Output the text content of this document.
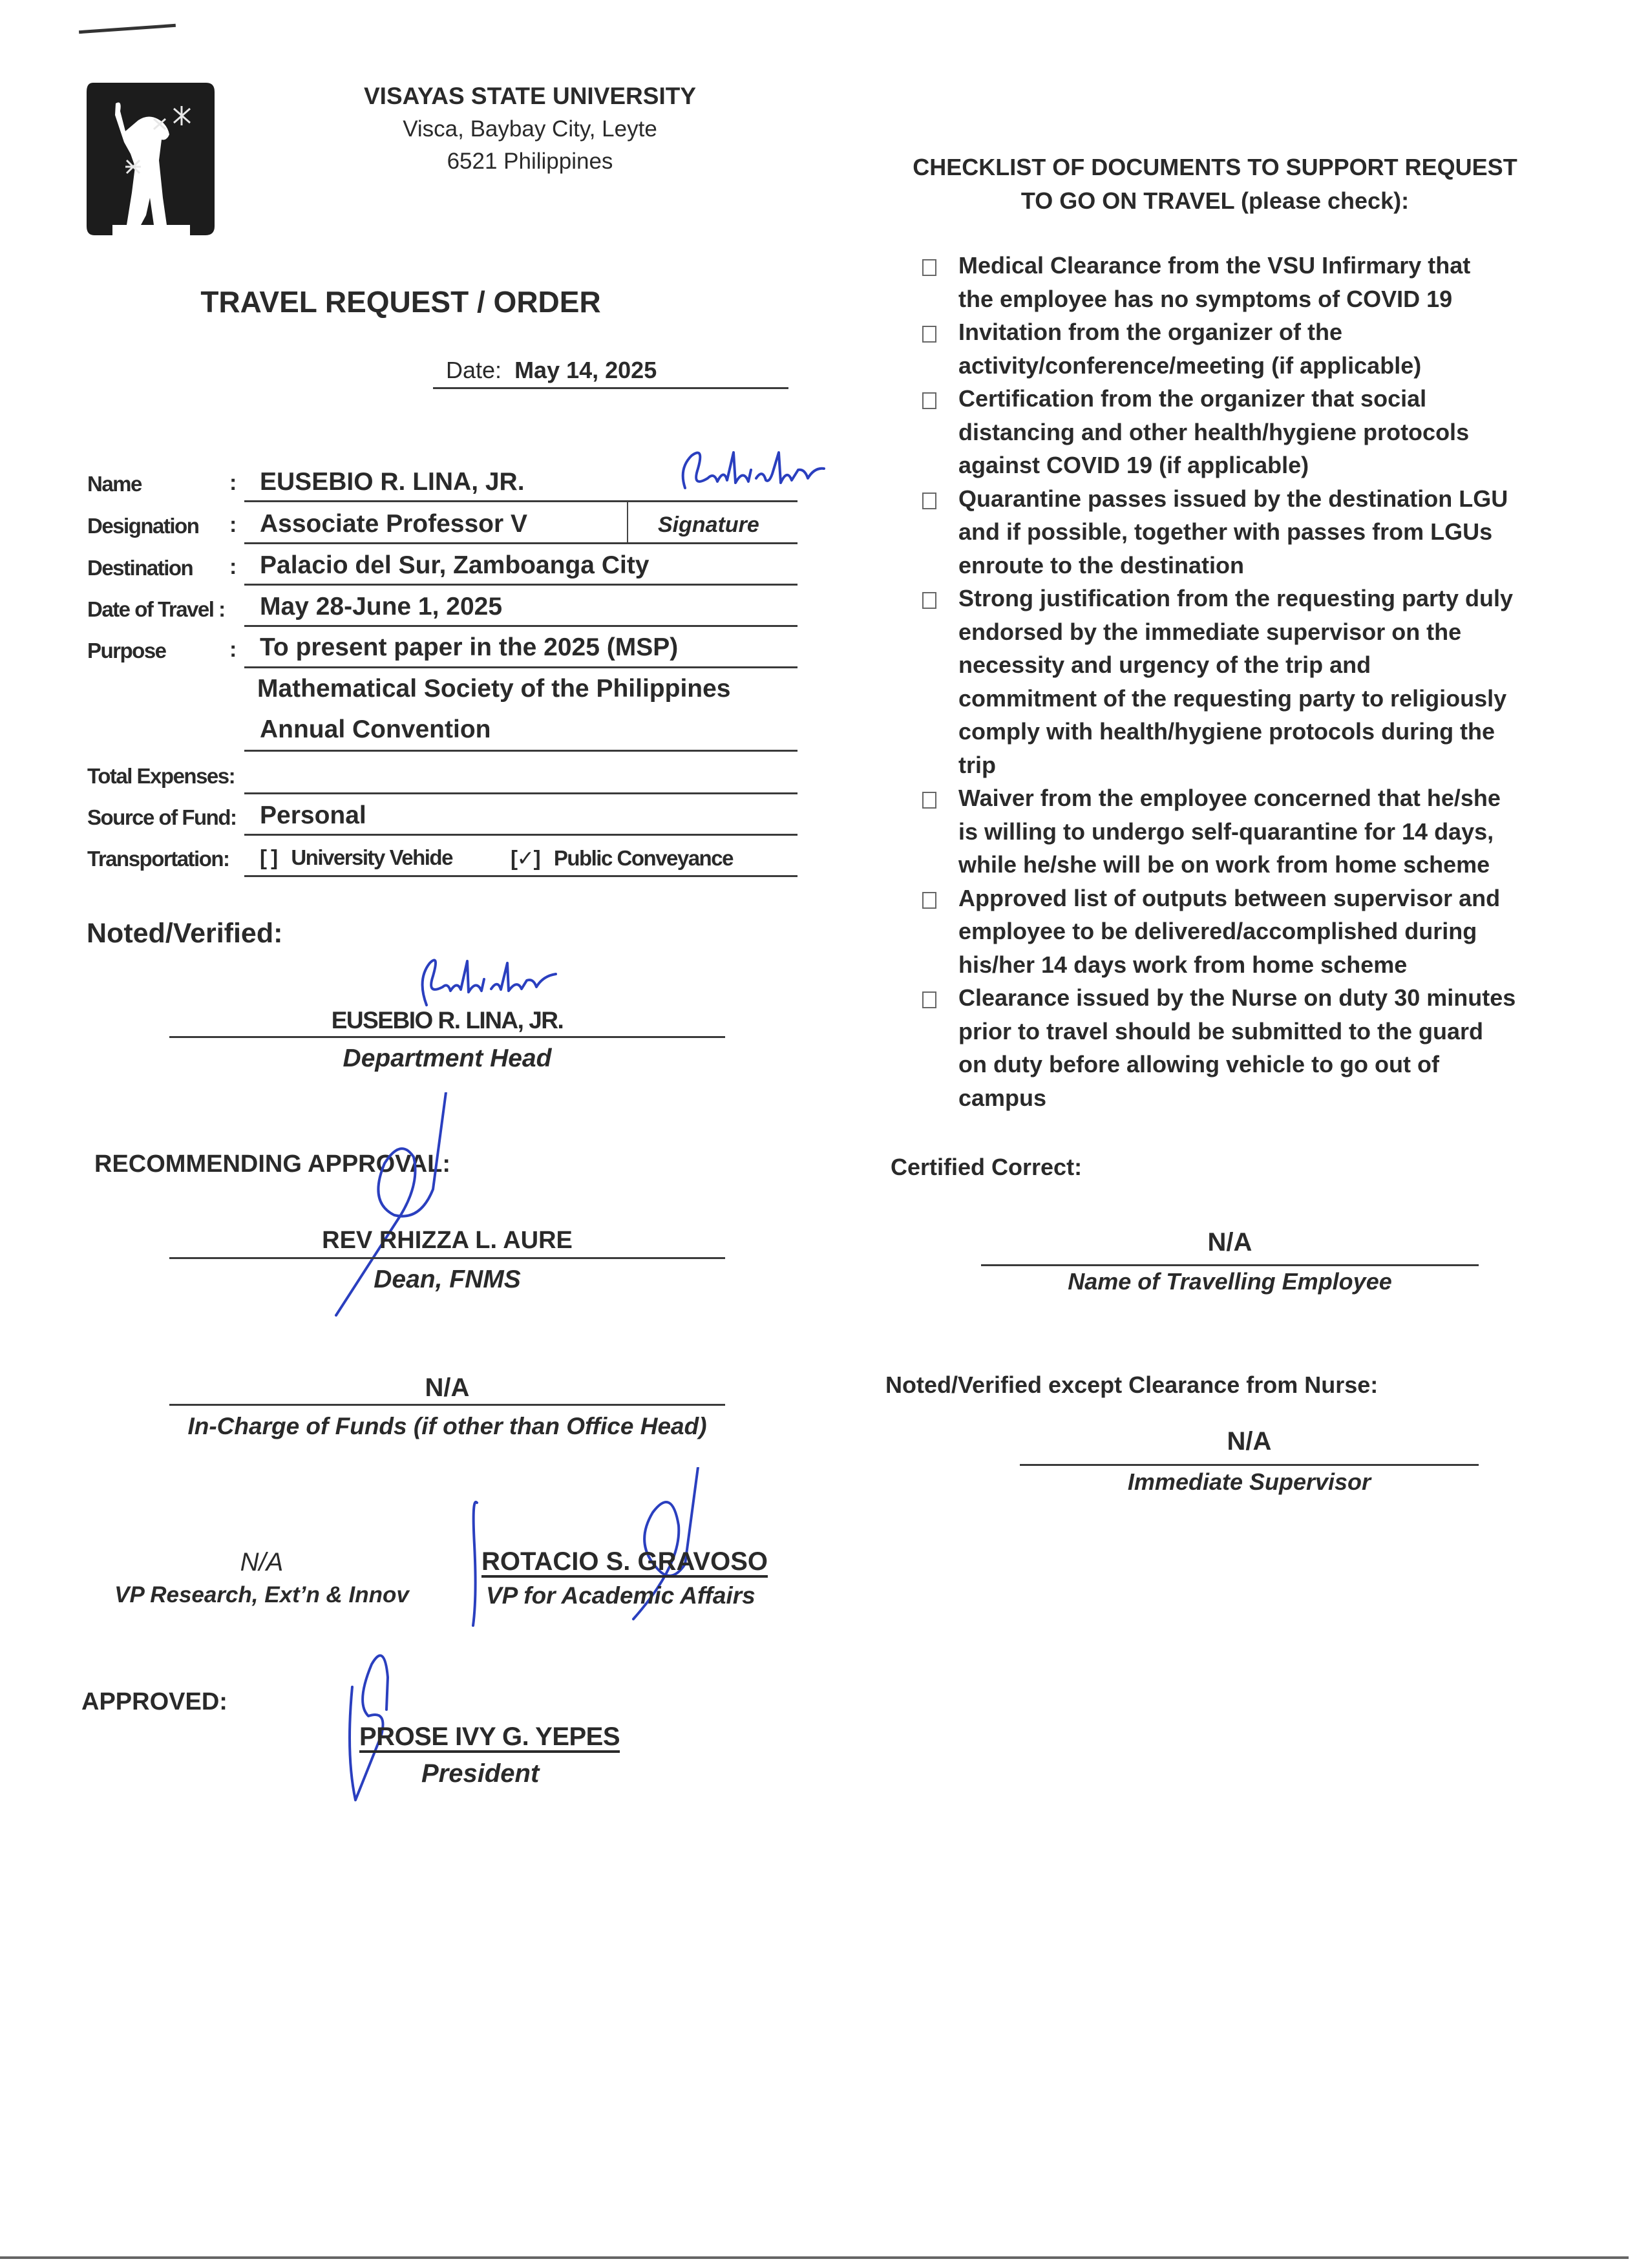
VISAYAS STATE UNIVERSITY
Visca, Baybay City, Leyte
6521 Philippines
TRAVEL REQUEST / ORDER
Date: May 14, 2025
Name	: EUSEBIO R. LINA, JR.
Designation : Associate Professor V	Signature
Destination : Palacio del Sur, Zamboanga City
Date of Travel : May 28-June 1, 2025
Purpose	: To present paper in the 2025 (MSP)
Mathematical Society of the Philippines
Annual Convention
Total Expenses:
Source of Fund: Personal
Transportation: [ ] University Vehide	[✓] Public Conveyance
Noted/Verified:
EUSEBIO R. LINA, JR.
Department Head
RECOMMENDING APPROVAL:
REV RHIZZA L. AURE
Dean, FNMS
N/A
In-Charge of Funds (if other than Office Head)
N/A
VP Research, Ext’n & Innov
ROTACIO S. GRAVOSO
VP for Academic Affairs
APPROVED:
PROSE IVY G. YEPES
President
CHECKLIST OF DOCUMENTS TO SUPPORT REQUEST
TO GO ON TRAVEL (please check):
Medical Clearance from the VSU Infirmary that
the employee has no symptoms of COVID 19
Invitation from the organizer of the
activity/conference/meeting (if applicable)
Certification from the organizer that social
distancing and other health/hygiene protocols
against COVID 19 (if applicable)
Quarantine passes issued by the destination LGU
and if possible, together with passes from LGUs
enroute to the destination
Strong justification from the requesting party duly
endorsed by the immediate supervisor on the
necessity and urgency of the trip and
commitment of the requesting party to religiously
comply with health/hygiene protocols during the
trip
Waiver from the employee concerned that he/she
is willing to undergo self-quarantine for 14 days,
while he/she will be on work from home scheme
Approved list of outputs between supervisor and
employee to be delivered/accomplished during
his/her 14 days work from home scheme
Clearance issued by the Nurse on duty 30 minutes
prior to travel should be submitted to the guard
on duty before allowing vehicle to go out of
campus
Certified Correct:
N/A
Name of Travelling Employee
Noted/Verified except Clearance from Nurse:
N/A
Immediate Supervisor
